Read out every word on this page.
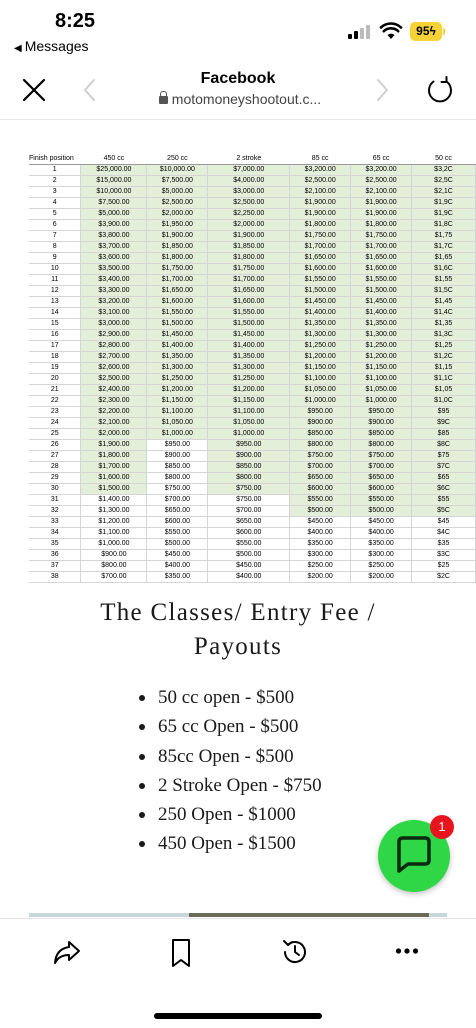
8:25
◀ Messages
95ϟ
Facebook
motomoneyshootout.c...
Finish position	450 cc	250 cc	2 stroke	85 cc	65 cc	50 cc
1	$25,000.00	$10,000.00	$7,000.00	$3,200.00	$3,200.00	$3,2C
2	$15,000.00	$7,500.00	$4,000.00	$2,500.00	$2,500.00	$2,5C
3	$10,000.00	$5,000.00	$3,000.00	$2,100.00	$2,100.00	$2,1C
4	$7,500.00	$2,500.00	$2,500.00	$1,900.00	$1,900.00	$1,9C
5	$5,000.00	$2,000.00	$2,250.00	$1,900.00	$1,900.00	$1,9C
6	$3,900.00	$1,950.00	$2,000.00	$1,800.00	$1,800.00	$1,8C
7	$3,800.00	$1,900.00	$1,900.00	$1,750.00	$1,750.00	$1,75
8	$3,700.00	$1,850.00	$1,850.00	$1,700.00	$1,700.00	$1,7C
9	$3,600.00	$1,800.00	$1,800.00	$1,650.00	$1,650.00	$1,65
10	$3,500.00	$1,750.00	$1,750.00	$1,600.00	$1,600.00	$1,6C
11	$3,400.00	$1,700.00	$1,700.00	$1,550.00	$1,550.00	$1,55
12	$3,300.00	$1,650.00	$1,650.00	$1,500.00	$1,500.00	$1,5C
13	$3,200.00	$1,600.00	$1,600.00	$1,450.00	$1,450.00	$1,45
14	$3,100.00	$1,550.00	$1,550.00	$1,400.00	$1,400.00	$1,4C
15	$3,000.00	$1,500.00	$1,500.00	$1,350.00	$1,350.00	$1,35
16	$2,900.00	$1,450.00	$1,450.00	$1,300.00	$1,300.00	$1,3C
17	$2,800.00	$1,400.00	$1,400.00	$1,250.00	$1,250.00	$1,25
18	$2,700.00	$1,350.00	$1,350.00	$1,200.00	$1,200.00	$1,2C
19	$2,600.00	$1,300.00	$1,300.00	$1,150.00	$1,150.00	$1,15
20	$2,500.00	$1,250.00	$1,250.00	$1,100.00	$1,100.00	$1,1C
21	$2,400.00	$1,200.00	$1,200.00	$1,050.00	$1,050.00	$1,05
22	$2,300.00	$1,150.00	$1,150.00	$1,000.00	$1,000.00	$1,0C
23	$2,200.00	$1,100.00	$1,100.00	$950.00	$950.00	$95
24	$2,100.00	$1,050.00	$1,050.00	$900.00	$900.00	$9C
25	$2,000.00	$1,000.00	$1,000.00	$850.00	$850.00	$85
26	$1,900.00	$950.00	$950.00	$800.00	$800.00	$8C
27	$1,800.00	$900.00	$900.00	$750.00	$750.00	$75
28	$1,700.00	$850.00	$850.00	$700.00	$700.00	$7C
29	$1,600.00	$800.00	$800.00	$650.00	$650.00	$65
30	$1,500.00	$750.00	$750.00	$600.00	$600.00	$6C
31	$1,400.00	$700.00	$750.00	$550.00	$550.00	$55
32	$1,300.00	$650.00	$700.00	$500.00	$500.00	$5C
33	$1,200.00	$600.00	$650.00	$450.00	$450.00	$45
34	$1,100.00	$550.00	$600.00	$400.00	$400.00	$4C
35	$1,000.00	$500.00	$550.00	$350.00	$350.00	$35
36	$900.00	$450.00	$500.00	$300.00	$300.00	$3C
37	$800.00	$400.00	$450.00	$250.00	$250.00	$25
38	$700.00	$350.00	$400.00	$200.00	$200.00	$2C
The Classes/ Entry Fee /
Payouts
50 cc open - $500
65 cc Open - $500
85cc Open - $500
2 Stroke Open - $750
250 Open - $1000
450 Open - $1500
1
